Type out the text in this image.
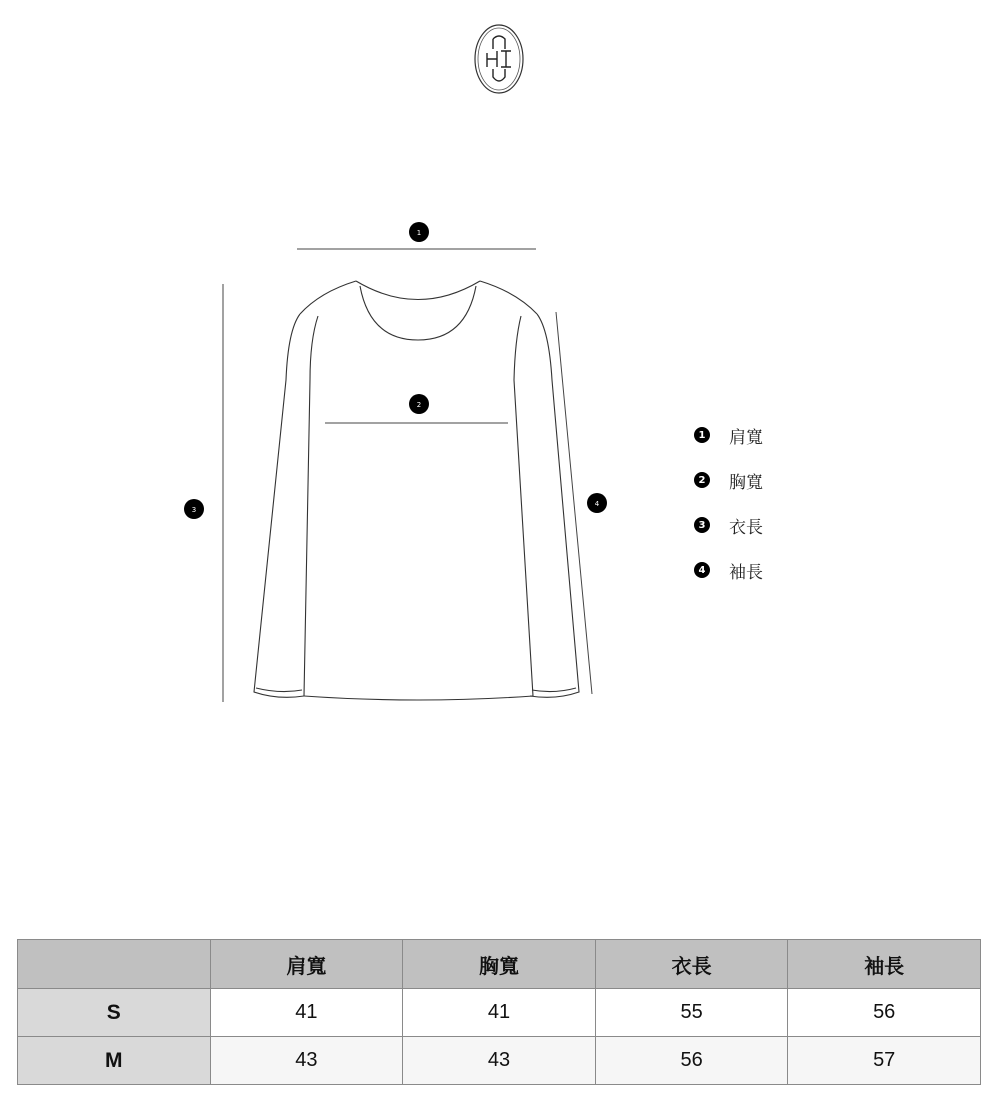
1
2
3
4
1 肩寬
2 胸寬
3 衣長
4 袖長
	肩寬	胸寬	衣長	袖長
S	41	41	55	56
M	43	43	56	57
